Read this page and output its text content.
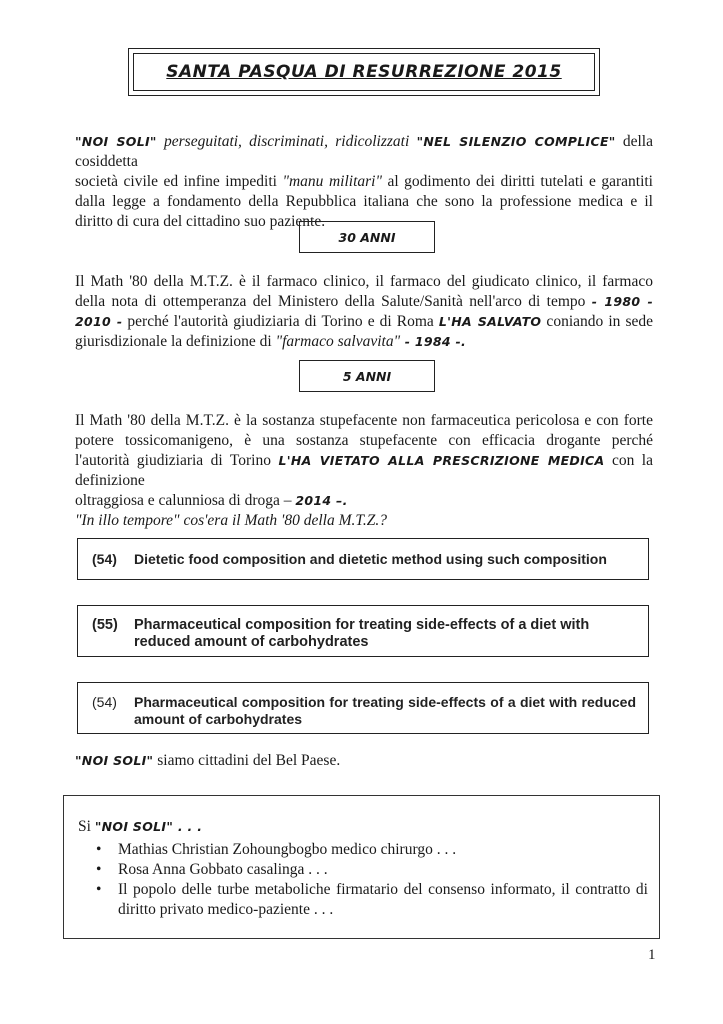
SANTA PASQUA DI RESURREZIONE 2015
"NOI SOLI" perseguitati, discriminati, ridicolizzati "NEL SILENZIO COMPLICE" della cosiddetta
società civile ed infine impediti "manu militari" al godimento dei diritti tutelati e garantiti
dalla legge a fondamento della Repubblica italiana che sono la professione medica e il
diritto di cura del cittadino suo paziente.
30 ANNI
Il Math '80 della M.T.Z. è il farmaco clinico, il farmaco del giudicato clinico, il farmaco
della nota di ottemperanza del Ministero della Salute/Sanità nell'arco di tempo - 1980 -
2010 - perché l'autorità giudiziaria di Torino e di Roma L'HA SALVATO coniando in sede
giurisdizionale la definizione di "farmaco salvavita" - 1984 -.
5 ANNI
Il Math '80 della M.T.Z. è la sostanza stupefacente non farmaceutica pericolosa e con forte
potere tossicomanigeno, è una sostanza stupefacente con efficacia drogante perché
l'autorità giudiziaria di Torino L'HA VIETATO ALLA PRESCRIZIONE MEDICA con la definizione
oltraggiosa e calunniosa di droga – 2014 –.
"In illo tempore" cos'era il Math '80 della M.T.Z.?
(54) Dietetic food composition and dietetic method using such composition
(55) Pharmaceutical composition for treating side-effects of a diet with reduced amount of carbohydrates
(54) Pharmaceutical composition for treating side-effects of a diet with reduced amount of carbohydrates
"NOI SOLI" siamo cittadini del Bel Paese.
Si "NOI SOLI" . . .
• Mathias Christian Zohoungbogbo medico chirurgo . . .
• Rosa Anna Gobbato casalinga . . .
• Il popolo delle turbe metaboliche firmatario del consenso informato, il contratto di diritto privato medico-paziente . . .
1
